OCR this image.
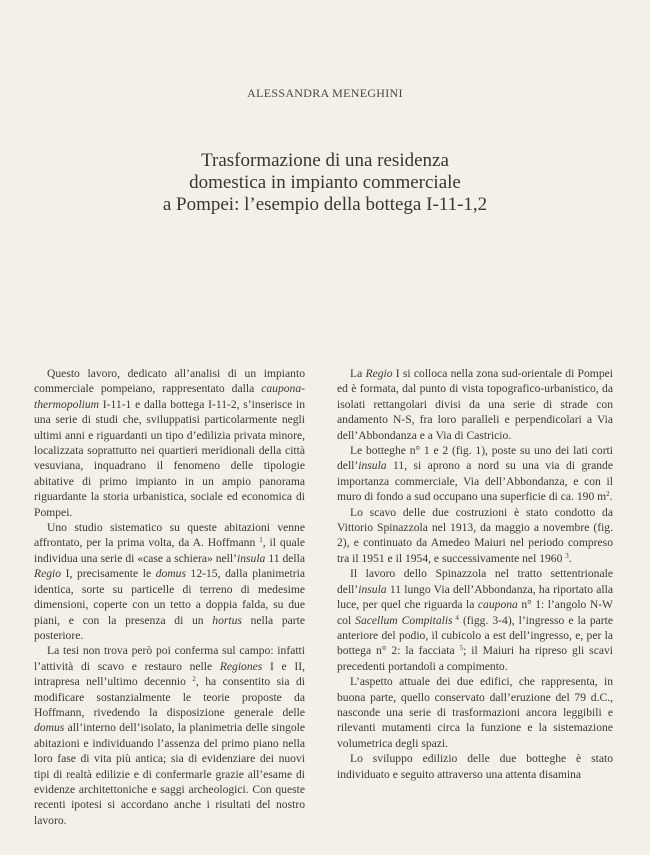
ALESSANDRA MENEGHINI
Trasformazione di una residenza
domestica in impianto commerciale
a Pompei: l’esempio della bottega I-11-1,2

Questo lavoro, dedicato all’analisi di un impianto commerciale pompeiano, rappresentato dalla caupona-thermopolium I-11-1 e dalla bottega I-11-2, s’inserisce in una serie di studi che, sviluppatisi particolarmente negli ultimi anni e riguardanti un tipo d’edilizia privata minore, localizzata soprattutto nei quartieri meridionali della città vesuviana, inquadrano il fenomeno delle tipologie abitative di primo impianto in un ampio panorama riguardante la storia urbanistica, sociale ed economica di Pompei.

Uno studio sistematico su queste abitazioni venne affrontato, per la prima volta, da A. Hoffmann $^1$, il quale individua una serie di «case a schiera» nell’insula 11 della Regio I, precisamente le domus 12-15, dalla planimetria identica, sorte su particelle di terreno di medesime dimensioni, coperte con un tetto a doppia falda, su due piani, e con la presenza di un hortus nella parte posteriore.

La tesi non trova però poi conferma sul campo: infatti l’attività di scavo e restauro nelle Regiones I e II, intrapresa nell’ultimo decennio $^2$, ha consentito sia di modificare sostanzialmente le teorie proposte da Hoffmann, rivedendo la disposizione generale delle domus all’interno dell’isolato, la planimetria delle singole abitazioni e individuando l’assenza del primo piano nella loro fase di vita più antica; sia di evidenziare dei nuovi tipi di realtà edilizie e di confermarle grazie all’esame di evidenze architettoniche e saggi archeologici. Con queste recenti ipotesi si accordano anche i risultati del nostro lavoro.

La Regio I si colloca nella zona sud-orientale di Pompei ed è formata, dal punto di vista topografico-urbanistico, da isolati rettangolari divisi da una serie di strade con andamento N-S, fra loro paralleli e perpendicolari a Via dell’Abbondanza e a Via di Castricio.

Le botteghe n° 1 e 2 (fig. 1), poste su uno dei lati corti dell’insula 11, si aprono a nord su una via di grande importanza commerciale, Via dell’Abbondanza, e con il muro di fondo a sud occupano una superficie di ca. 190 $m^2$.

Lo scavo delle due costruzioni è stato condotto da Vittorio Spinazzola nel 1913, da maggio a novembre (fig. 2), e continuato da Amedeo Maiuri nel periodo compreso tra il 1951 e il 1954, e successivamente nel 1960 $^3$.

Il lavoro dello Spinazzola nel tratto settentrionale dell’insula 11 lungo Via dell’Abbondanza, ha riportato alla luce, per quel che riguarda la caupona n° 1: l’angolo N-W col Sacellum Compitalis $^4$ (figg. 3-4), l’ingresso e la parte anteriore del podio, il cubicolo a est dell’ingresso, e, per la bottega n° 2: la facciata $^5$; il Maiuri ha ripreso gli scavi precedenti portandoli a compimento.

L’aspetto attuale dei due edifici, che rappresenta, in buona parte, quello conservato dall’eruzione del 79 d.C., nasconde una serie di trasformazioni ancora leggibili e rilevanti mutamenti circa la funzione e la sistemazione volumetrica degli spazi.

Lo sviluppo edilizio delle due botteghe è stato individuato e seguito attraverso una attenta disamina
